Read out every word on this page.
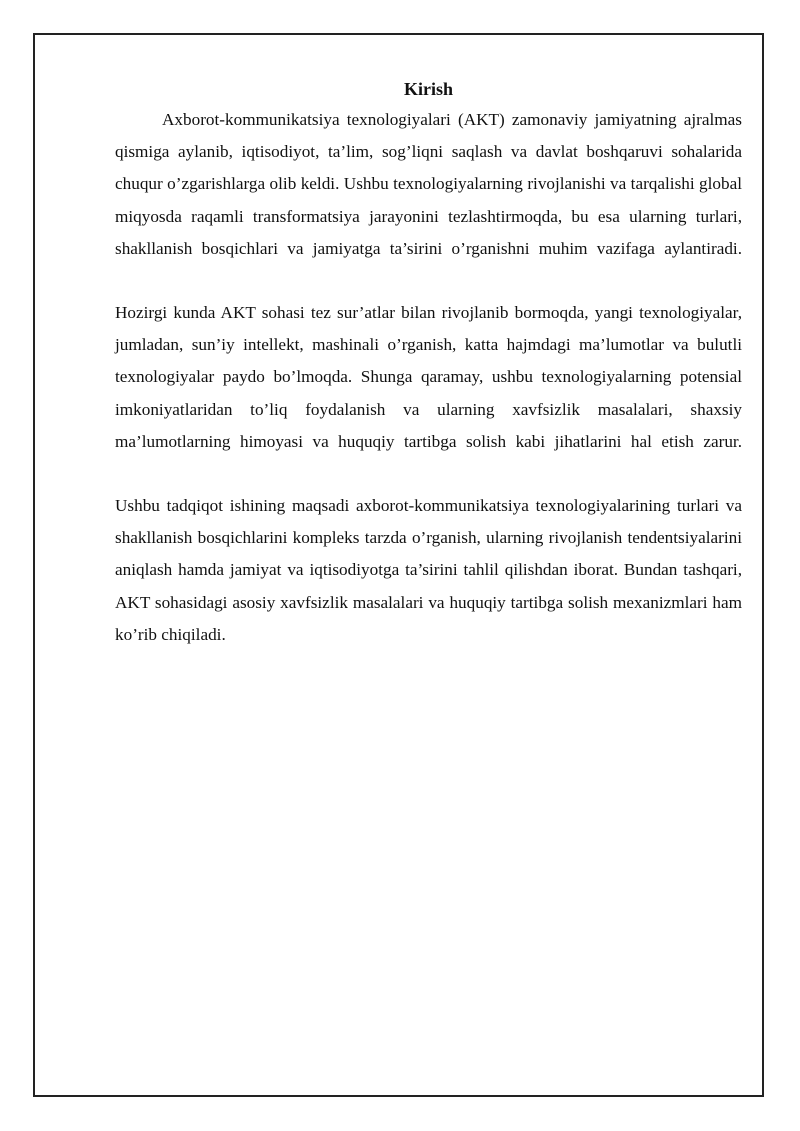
Kirish

Axborot-kommunikatsiya texnologiyalari (AKT) zamonaviy jamiyatning ajralmas qismiga aylanib, iqtisodiyot, ta’lim, sog’liqni saqlash va davlat boshqaruvi sohalarida chuqur o’zgarishlarga olib keldi. Ushbu texnologiyalarning rivojlanishi va tarqalishi global miqyosda raqamli transformatsiya jarayonini tezlashtirmoqda, bu esa ularning turlari, shakllanish bosqichlari va jamiyatga ta’sirini o’rganishni muhim vazifaga aylantiradi.

Hozirgi kunda AKT sohasi tez sur’atlar bilan rivojlanib bormoqda, yangi texnologiyalar, jumladan, sun’iy intellekt, mashinali o’rganish, katta hajmdagi ma’lumotlar va bulutli texnologiyalar paydo bo’lmoqda. Shunga qaramay, ushbu texnologiyalarning potensial imkoniyatlaridan to’liq foydalanish va ularning xavfsizlik masalalari, shaxsiy ma’lumotlarning himoyasi va huquqiy tartibga solish kabi jihatlarini hal etish zarur.

Ushbu tadqiqot ishining maqsadi axborot-kommunikatsiya texnologiyalarining turlari va shakllanish bosqichlarini kompleks tarzda o’rganish, ularning rivojlanish tendentsiyalarini aniqlash hamda jamiyat va iqtisodiyotga ta’sirini tahlil qilishdan iborat. Bundan tashqari, AKT sohasidagi asosiy xavfsizlik masalalari va huquqiy tartibga solish mexanizmlari ham ko’rib chiqiladi.
